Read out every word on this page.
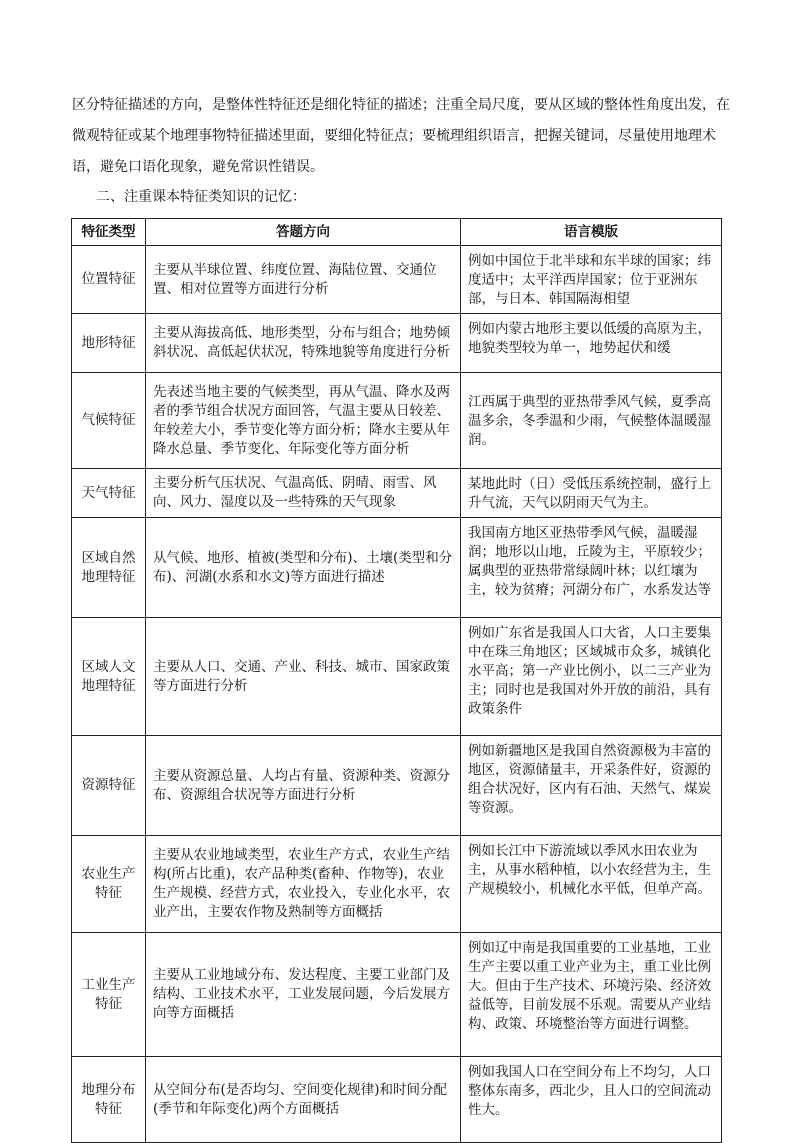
区分特征描述的方向，是整体性特征还是细化特征的描述；注重全局尺度，要从区域的整体性角度出发，在微观特征或某个地理事物特征描述里面，要细化特征点；要梳理组织语言，把握关键词，尽量使用地理术语，避免口语化现象，避免常识性错误。

二、注重课本特征类知识的记忆：

特征类型	答题方向	语言模版
位置特征	主要从半球位置、纬度位置、海陆位置、交通位置、相对位置等方面进行分析	例如中国位于北半球和东半球的国家；纬度适中；太平洋西岸国家；位于亚洲东部，与日本、韩国隔海相望
地形特征	主要从海拔高低、地形类型，分布与组合；地势倾斜状况、高低起伏状况，特殊地貌等角度进行分析	例如内蒙古地形主要以低缓的高原为主，地貌类型较为单一，地势起伏和缓
气候特征	先表述当地主要的气候类型，再从气温、降水及两者的季节组合状况方面回答，气温主要从日较差、年较差大小，季节变化等方面分析；降水主要从年降水总量、季节变化、年际变化等方面分析	江西属于典型的亚热带季风气候，夏季高温多余，冬季温和少雨，气候整体温暖湿润。
天气特征	主要分析气压状况、气温高低、阴晴、雨雪、风向、风力、湿度以及一些特殊的天气现象	某地此时（日）受低压系统控制，盛行上升气流，天气以阴雨天气为主。
区域自然地理特征	从气候、地形、植被(类型和分布)、土壤(类型和分布)、河湖(水系和水文)等方面进行描述	我国南方地区亚热带季风气候，温暖湿润；地形以山地，丘陵为主，平原较少；属典型的亚热带常绿阔叶林；以红壤为主，较为贫瘠；河湖分布广，水系发达等
区域人文地理特征	主要从人口、交通、产业、科技、城市、国家政策等方面进行分析	例如广东省是我国人口大省，人口主要集中在珠三角地区；区域城市众多，城镇化水平高；第一产业比例小，以二三产业为主；同时也是我国对外开放的前沿，具有政策条件
资源特征	主要从资源总量、人均占有量、资源种类、资源分布、资源组合状况等方面进行分析	例如新疆地区是我国自然资源极为丰富的地区，资源储量丰，开采条件好，资源的组合状况好，区内有石油、天然气、煤炭等资源。
农业生产特征	主要从农业地域类型，农业生产方式，农业生产结构(所占比重)，农产品种类(畜种、作物等)，农业生产规模、经营方式，农业投入，专业化水平，农业产出，主要农作物及熟制等方面概括	例如长江中下游流域以季风水田农业为主，从事水稻种植，以小农经营为主，生产规模较小，机械化水平低，但单产高。
工业生产特征	主要从工业地域分布、发达程度、主要工业部门及结构、工业技术水平，工业发展问题，今后发展方向等方面概括	例如辽中南是我国重要的工业基地，工业生产主要以重工业产业为主，重工业比例大。但由于生产技术、环境污染、经济效益低等，目前发展不乐观。需要从产业结构、政策、环境整治等方面进行调整。
地理分布特征	从空间分布(是否均匀、空间变化规律)和时间分配(季节和年际变化)两个方面概括	例如我国人口在空间分布上不均匀，人口整体东南多，西北少，且人口的空间流动性大。
